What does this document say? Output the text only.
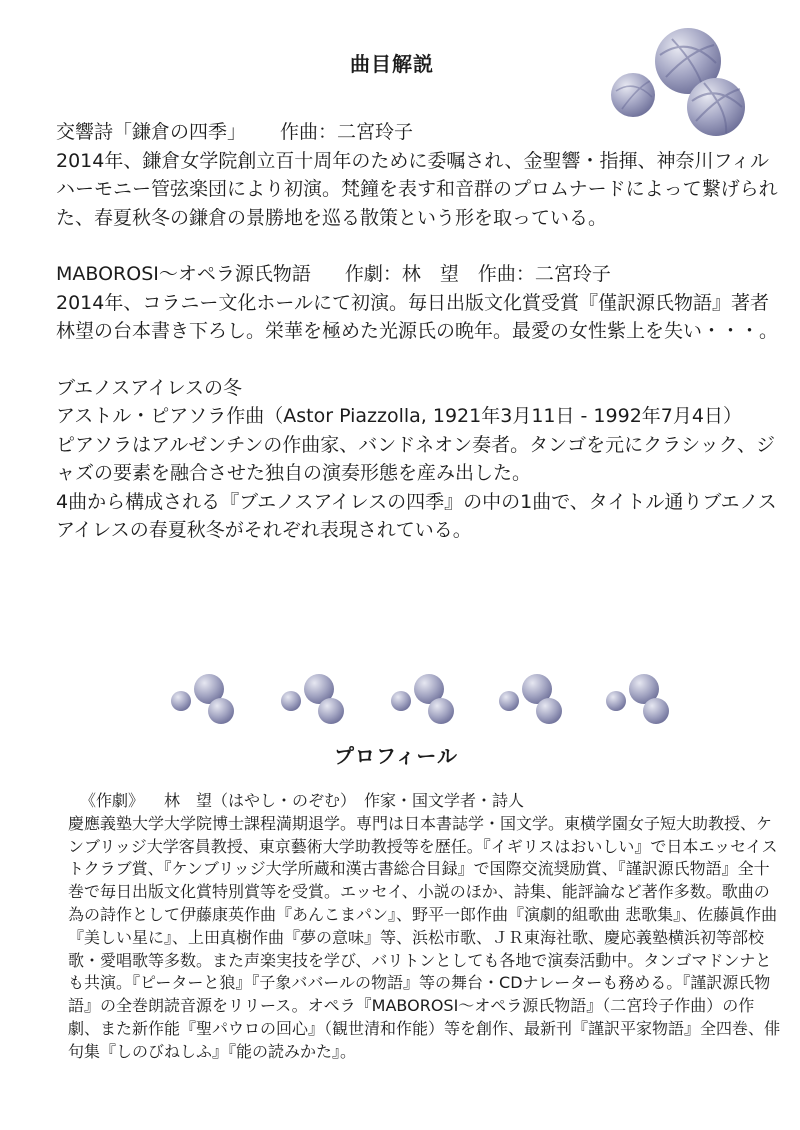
曲目解説

交響詩「鎌倉の四季」 作曲：二宮玲子

2014年、鎌倉女学院創立百十周年のために委嘱され、金聖響・指揮、神奈川フィルハーモニー管弦楽団により初演。梵鐘を表す和音群のプロムナードによって繋げられた、春夏秋冬の鎌倉の景勝地を巡る散策という形を取っている。

MABOROSI～オペラ源氏物語 作劇：林　望　作曲：二宮玲子

2014年、コラニー文化ホールにて初演。毎日出版文化賞受賞『僅訳源氏物語』著者林望の台本書き下ろし。栄華を極めた光源氏の晩年。最愛の女性紫上を失い・・・。

ブエノスアイレスの冬

アストル・ピアソラ作曲（Astor Piazzolla, 1921年3月11日 - 1992年7月4日）

ピアソラはアルゼンチンの作曲家、バンドネオン奏者。タンゴを元にクラシック、ジャズの要素を融合させた独自の演奏形態を産み出した。

4曲から構成される『ブエノスアイレスの四季』の中の1曲で、タイトル通りブエノスアイレスの春夏秋冬がそれぞれ表現されている。

プロフィール

《作劇》 林　望（はやし・のぞむ） 作家・国文学者・詩人

慶應義塾大学大学院博士課程満期退学。専門は日本書誌学・国文学。東横学園女子短大助教授、ケンブリッジ大学客員教授、東京藝術大学助教授等を歴任。『イギリスはおいしい』で日本エッセイストクラブ賞、『ケンブリッジ大学所蔵和漢古書総合目録』で国際交流奨励賞、『謹訳源氏物語』全十巻で毎日出版文化賞特別賞等を受賞。エッセイ、小説のほか、詩集、能評論など著作多数。歌曲の為の詩作として伊藤康英作曲『あんこまパン』、野平一郎作曲『演劇的組歌曲 悲歌集』、佐藤眞作曲『美しい星に』、上田真樹作曲『夢の意味』等、浜松市歌、ＪＲ東海社歌、慶応義塾横浜初等部校歌・愛唱歌等多数。また声楽実技を学び、バリトンとしても各地で演奏活動中。タンゴマドンナとも共演。『ピーターと狼』『子象ババールの物語』等の舞台・CDナレーターも務める。『謹訳源氏物語』の全巻朗読音源をリリース。オペラ『MABOROSI～オペラ源氏物語』（二宮玲子作曲）の作劇、また新作能『聖パウロの回心』（観世清和作能）等を創作、最新刊『謹訳平家物語』全四巻、俳句集『しのびねしふ』『能の読みかた』。
